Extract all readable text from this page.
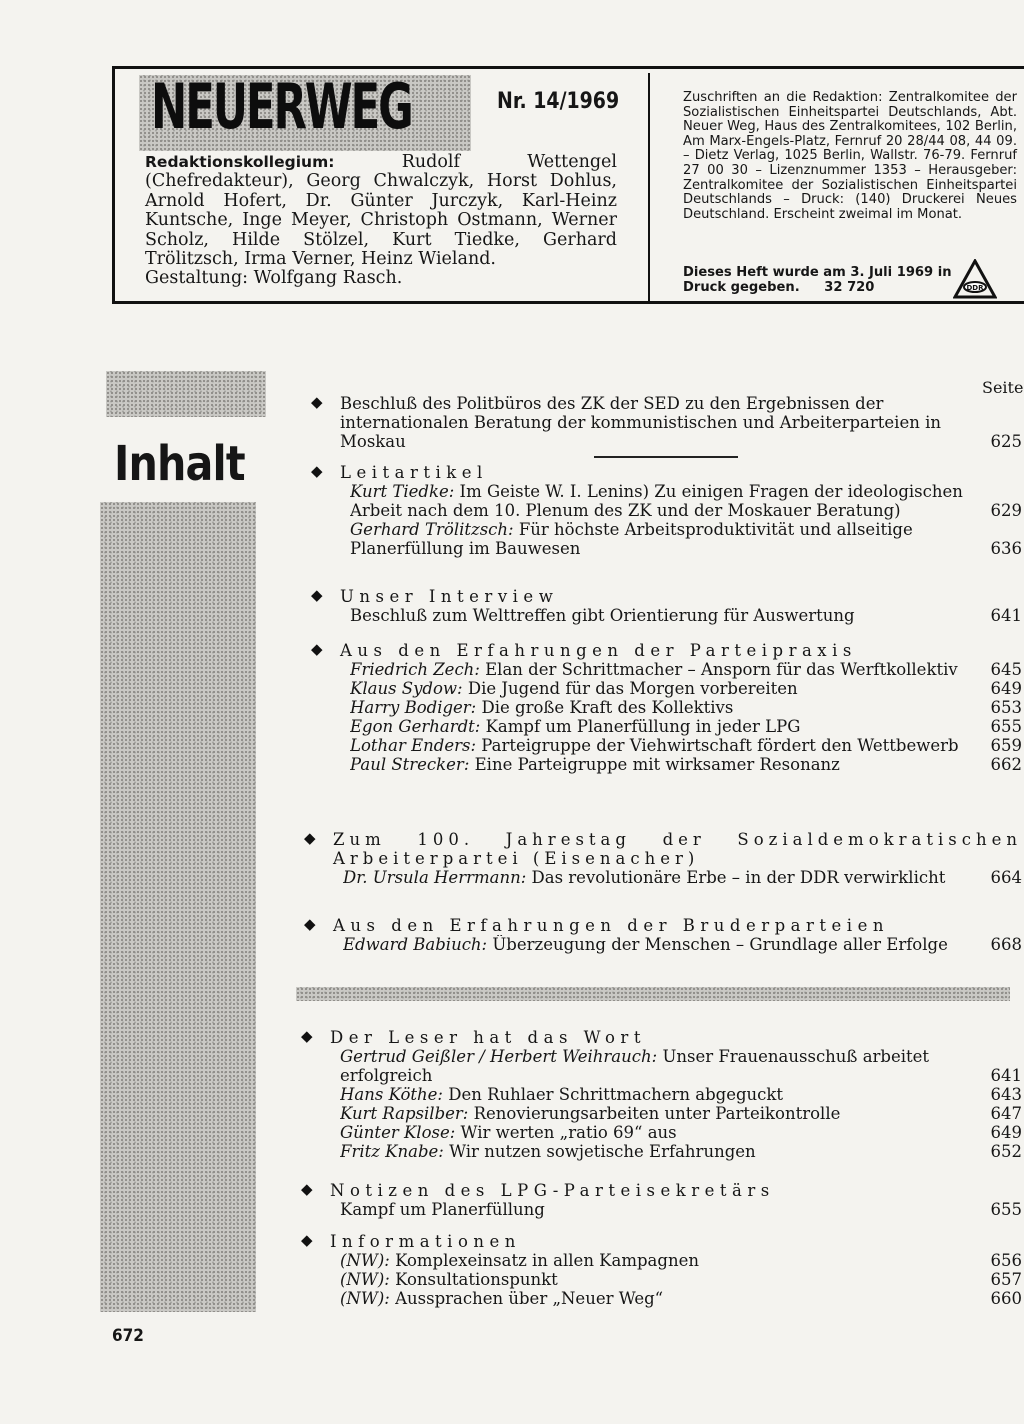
NEUERWEG	Nr. 14/1969
Redaktionskollegium:	Rudolf Wettengel (Chefredakteur), Georg Chwalczyk, Horst Dohlus, Arnold Hofert, Dr. Günter Jurczyk, Karl-Heinz Kuntsche, Inge Meyer, Christoph Ostmann, Werner Scholz, Hilde Stölzel, Kurt Tiedke, Gerhard Trölitzsch, Irma Verner, Heinz Wieland.
Gestaltung: Wolfgang Rasch.
Zuschriften an die Redaktion: Zentralkomitee der Sozialistischen Einheitspartei Deutschlands, Abt. Neuer Weg, Haus des Zentralkomitees, 102 Berlin, Am Marx-Engels-Platz, Fernruf 20 28/44 08, 44 09. – Dietz Verlag, 1025 Berlin, Wallstr. 76-79. Fernruf 27 00 30 – Lizenznummer 1353 – Herausgeber: Zentralkomitee der Sozialistischen Einheitspartei Deutschlands – Druck: (140) Druckerei Neues Deutschland. Erscheint zweimal im Monat.
Dieses Heft wurde am 3. Juli 1969 in Druck gegeben. 32 720	DDR
Inhalt
672
Seite
◆ Beschluß des Politbüros des ZK der SED zu den Ergebnissen der internationalen Beratung der kommunistischen und Arbeiterparteien in Moskau	625
◆ Leitartikel
Kurt Tiedke: Im Geiste W. I. Lenins) Zu einigen Fragen der ideologischen Arbeit nach dem 10. Plenum des ZK und der Moskauer Beratung)	629
Gerhard Trölitzsch: Für höchste Arbeitsproduktivität und allseitige Planerfüllung im Bauwesen	636
◆ Unser Interview
Beschluß zum Welttreffen gibt Orientierung für Auswertung	641
◆ Aus den Erfahrungen der Parteipraxis
Friedrich Zech: Elan der Schrittmacher – Ansporn für das Werftkollektiv	645
Klaus Sydow: Die Jugend für das Morgen vorbereiten	649
Harry Bodiger: Die große Kraft des Kollektivs	653
Egon Gerhardt: Kampf um Planerfüllung in jeder LPG	655
Lothar Enders: Parteigruppe der Viehwirtschaft fördert den Wettbewerb	659
Paul Strecker: Eine Parteigruppe mit wirksamer Resonanz	662
◆ Zum 100. Jahrestag der Sozialdemokratischen Arbeiterpartei (Eisenacher)
Dr. Ursula Herrmann: Das revolutionäre Erbe – in der DDR verwirklicht	664
◆ Aus den Erfahrungen der Bruderparteien
Edward Babiuch: Überzeugung der Menschen – Grundlage aller Erfolge	668
◆ Der Leser hat das Wort
Gertrud Geißler / Herbert Weihrauch: Unser Frauenausschuß arbeitet erfolgreich	641
Hans Köthe: Den Ruhlaer Schrittmachern abgeguckt	643
Kurt Rapsilber: Renovierungsarbeiten unter Parteikontrolle	647
Günter Klose: Wir werten „ratio 69“ aus	649
Fritz Knabe: Wir nutzen sowjetische Erfahrungen	652
◆ Notizen des LPG-Parteisekretärs
Kampf um Planerfüllung	655
◆ Informationen
(NW): Komplexeinsatz in allen Kampagnen	656
(NW): Konsultationspunkt	657
(NW): Aussprachen über „Neuer Weg“	660
